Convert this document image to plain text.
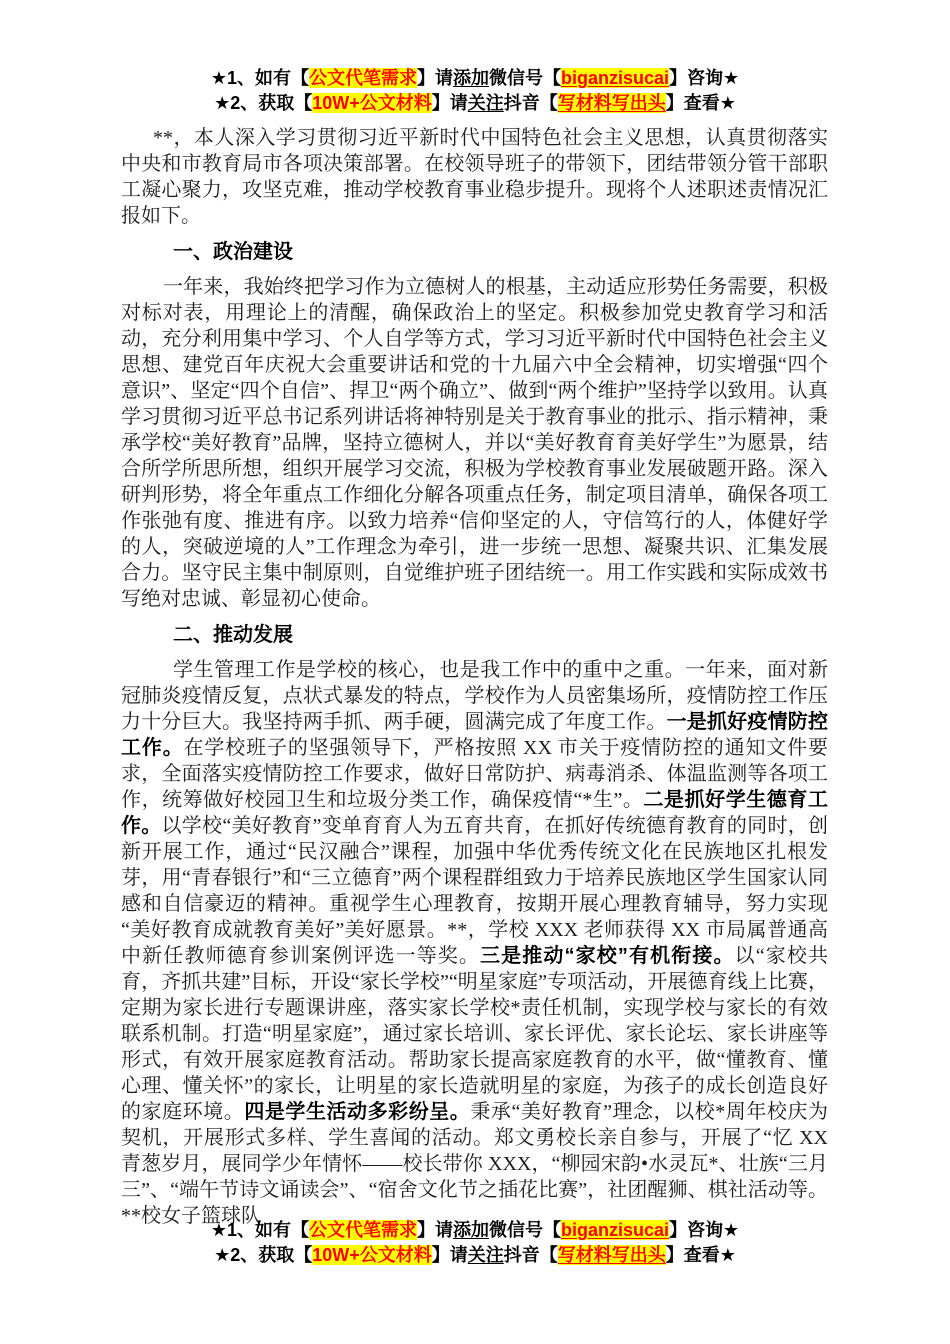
★1、如有【公文代笔需求】请添加微信号【biganzisucai】咨询★

★2、获取【10W+公文材料】请关注抖音【写材料写出头】查看★

**，本人深入学习贯彻习近平新时代中国特色社会主义思想，认真贯彻落实中央和市教育局市各项决策部署。在校领导班子的带领下，团结带领分管干部职工凝心聚力，攻坚克难，推动学校教育事业稳步提升。现将个人述职述责情况汇报如下。

一、政治建设

一年来，我始终把学习作为立德树人的根基，主动适应形势任务需要，积极对标对表，用理论上的清醒，确保政治上的坚定。积极参加党史教育学习和活动，充分利用集中学习、个人自学等方式，学习习近平新时代中国特色社会主义思想、建党百年庆祝大会重要讲话和党的十九届六中全会精神，切实增强“四个意识”、坚定“四个自信”、捍卫“两个确立”、做到“两个维护”坚持学以致用。认真学习贯彻习近平总书记系列讲话将神特别是关于教育事业的批示、指示精神，秉承学校“美好教育”品牌，坚持立德树人，并以“美好教育育美好学生”为愿景，结合所学所思所想，组织开展学习交流，积极为学校教育事业发展破题开路。深入研判形势，将全年重点工作细化分解各项重点任务，制定项目清单，确保各项工作张弛有度、推进有序。以致力培养“信仰坚定的人，守信笃行的人，体健好学的人，突破逆境的人”工作理念为牵引，进一步统一思想、凝聚共识、汇集发展合力。坚守民主集中制原则，自觉维护班子团结统一。用工作实践和实际成效书写绝对忠诚、彰显初心使命。

二、推动发展

学生管理工作是学校的核心，也是我工作中的重中之重。一年来，面对新冠肺炎疫情反复，点状式暴发的特点，学校作为人员密集场所，疫情防控工作压力十分巨大。我坚持两手抓、两手硬，圆满完成了年度工作。一是抓好疫情防控工作。在学校班子的坚强领导下，严格按照 XX 市关于疫情防控的通知文件要求，全面落实疫情防控工作要求，做好日常防护、病毒消杀、体温监测等各项工作，统筹做好校园卫生和垃圾分类工作，确保疫情“*生”。二是抓好学生德育工作。以学校“美好教育”变单育育人为五育共育，在抓好传统德育教育的同时，创新开展工作，通过“民汉融合”课程，加强中华优秀传统文化在民族地区扎根发芽，用“青春银行”和“三立德育”两个课程群组致力于培养民族地区学生国家认同感和自信豪迈的精神。重视学生心理教育，按期开展心理教育辅导，努力实现“美好教育成就教育美好”美好愿景。**，学校 XXX 老师获得 XX 市局属普通高中新任教师德育参训案例评选一等奖。三是推动“家校”有机衔接。以“家校共育，齐抓共建”目标，开设“家长学校”“明星家庭”专项活动，开展德育线上比赛，定期为家长进行专题课讲座，落实家长学校*责任机制，实现学校与家长的有效联系机制。打造“明星家庭”，通过家长培训、家长评优、家长论坛、家长讲座等形式，有效开展家庭教育活动。帮助家长提高家庭教育的水平，做“懂教育、懂心理、懂关怀”的家长，让明星的家长造就明星的家庭，为孩子的成长创造良好的家庭环境。四是学生活动多彩纷呈。秉承“美好教育”理念，以校*周年校庆为契机，开展形式多样、学生喜闻的活动。郑文勇校长亲自参与，开展了“忆 XX 青葱岁月，展同学少年情怀——校长带你 XXX，“柳园宋韵•水灵瓦*、壮族“三月三”、“端午节诗文诵读会”、“宿舍文化节之插花比赛”，社团醒狮、棋社活动等。**校女子篮球队

★1、如有【公文代笔需求】请添加微信号【biganzisucai】咨询★

★2、获取【10W+公文材料】请关注抖音【写材料写出头】查看★
